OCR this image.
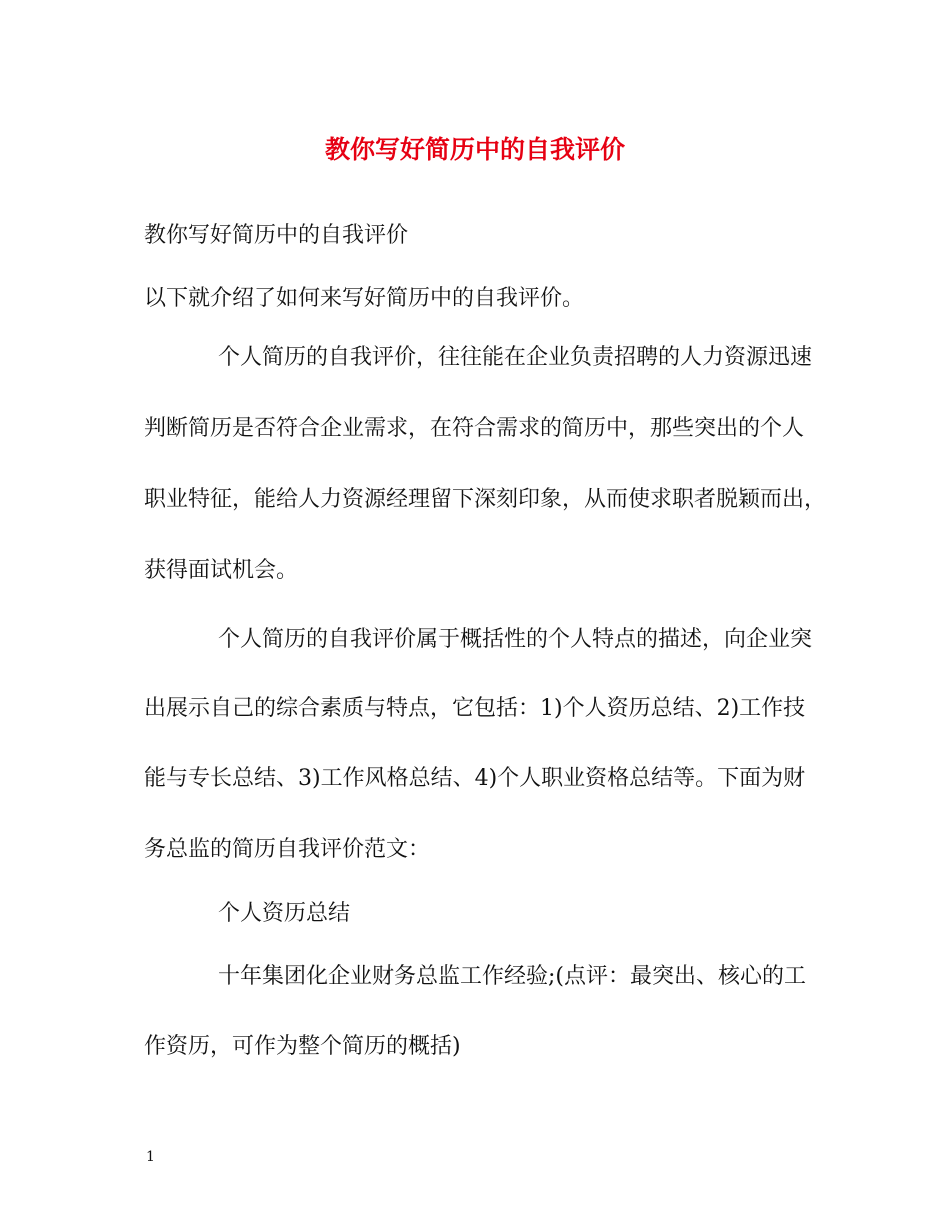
教你写好简历中的自我评价
教你写好简历中的自我评价
以下就介绍了如何来写好简历中的自我评价。
个人简历的自我评价，往往能在企业负责招聘的人力资源迅速
判断简历是否符合企业需求，在符合需求的简历中，那些突出的个人
职业特征，能给人力资源经理留下深刻印象，从而使求职者脱颖而出，
获得面试机会。
个人简历的自我评价属于概括性的个人特点的描述，向企业突
出展示自己的综合素质与特点，它包括：1)个人资历总结、2)工作技
能与专长总结、3)工作风格总结、4)个人职业资格总结等。下面为财
务总监的简历自我评价范文：
个人资历总结
十年集团化企业财务总监工作经验;(点评：最突出、核心的工
作资历，可作为整个简历的概括)
1
